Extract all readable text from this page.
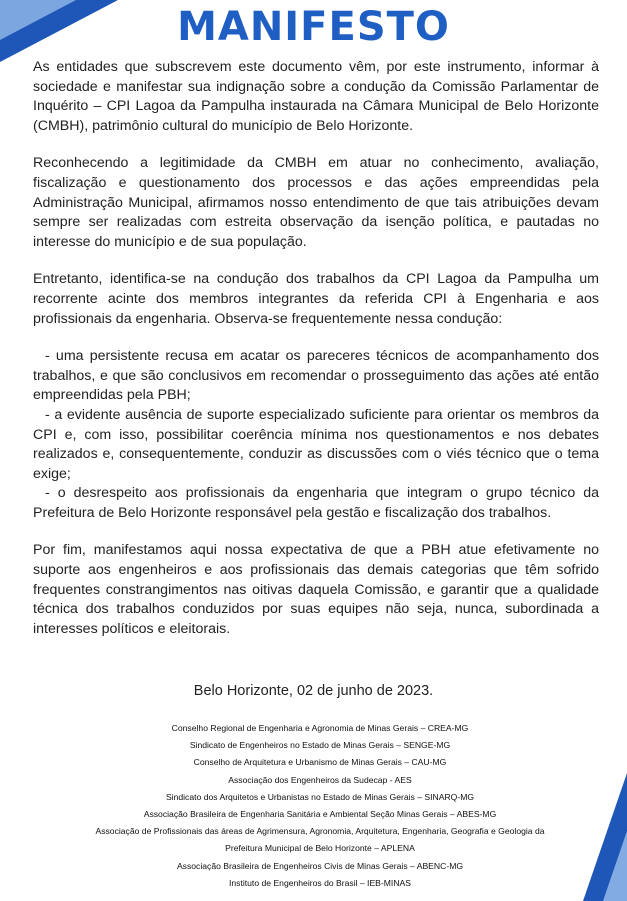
MANIFESTO

As entidades que subscrevem este documento vêm, por este instrumento, informar à sociedade e manifestar sua indignação sobre a condução da Comissão Parlamentar de Inquérito – CPI Lagoa da Pampulha instaurada na Câmara Municipal de Belo Horizonte (CMBH), patrimônio cultural do município de Belo Horizonte.

Reconhecendo a legitimidade da CMBH em atuar no conhecimento, avaliação, fiscalização e questionamento dos processos e das ações empreendidas pela Administração Municipal, afirmamos nosso entendimento de que tais atribuições devam sempre ser realizadas com estreita observação da isenção política, e pautadas no interesse do município e de sua população.

Entretanto, identifica-se na condução dos trabalhos da CPI Lagoa da Pampulha um recorrente acinte dos membros integrantes da referida CPI à Engenharia e aos profissionais da engenharia. Observa-se frequentemente nessa condução:

- uma persistente recusa em acatar os pareceres técnicos de acompanhamento dos trabalhos, e que são conclusivos em recomendar o prosseguimento das ações até então empreendidas pela PBH;

- a evidente ausência de suporte especializado suficiente para orientar os membros da CPI e, com isso, possibilitar coerência mínima nos questionamentos e nos debates realizados e, consequentemente, conduzir as discussões com o viés técnico que o tema exige;

- o desrespeito aos profissionais da engenharia que integram o grupo técnico da Prefeitura de Belo Horizonte responsável pela gestão e fiscalização dos trabalhos.

Por fim, manifestamos aqui nossa expectativa de que a PBH atue efetivamente no suporte aos engenheiros e aos profissionais das demais categorias que têm sofrido frequentes constrangimentos nas oitivas daquela Comissão, e garantir que a qualidade técnica dos trabalhos conduzidos por suas equipes não seja, nunca, subordinada a interesses políticos e eleitorais.

Belo Horizonte, 02 de junho de 2023.
Conselho Regional de Engenharia e Agronomia de Minas Gerais – CREA-MG
Sindicato de Engenheiros no Estado de Minas Gerais – SENGE-MG
Conselho de Arquitetura e Urbanismo de Minas Gerais – CAU-MG
Associação dos Engenheiros da Sudecap - AES
Sindicato dos Arquitetos e Urbanistas no Estado de Minas Gerais – SINARQ-MG
Associação Brasileira de Engenharia Sanitária e Ambiental Seção Minas Gerais – ABES-MG
Associação de Profissionais das áreas de Agrimensura, Agronomia, Arquitetura, Engenharia, Geografia e Geologia da
Prefeitura Municipal de Belo Horizonte – APLENA
Associação Brasileira de Engenheiros Civis de Minas Gerais – ABENC-MG
Instituto de Engenheiros do Brasil – IEB-MINAS
